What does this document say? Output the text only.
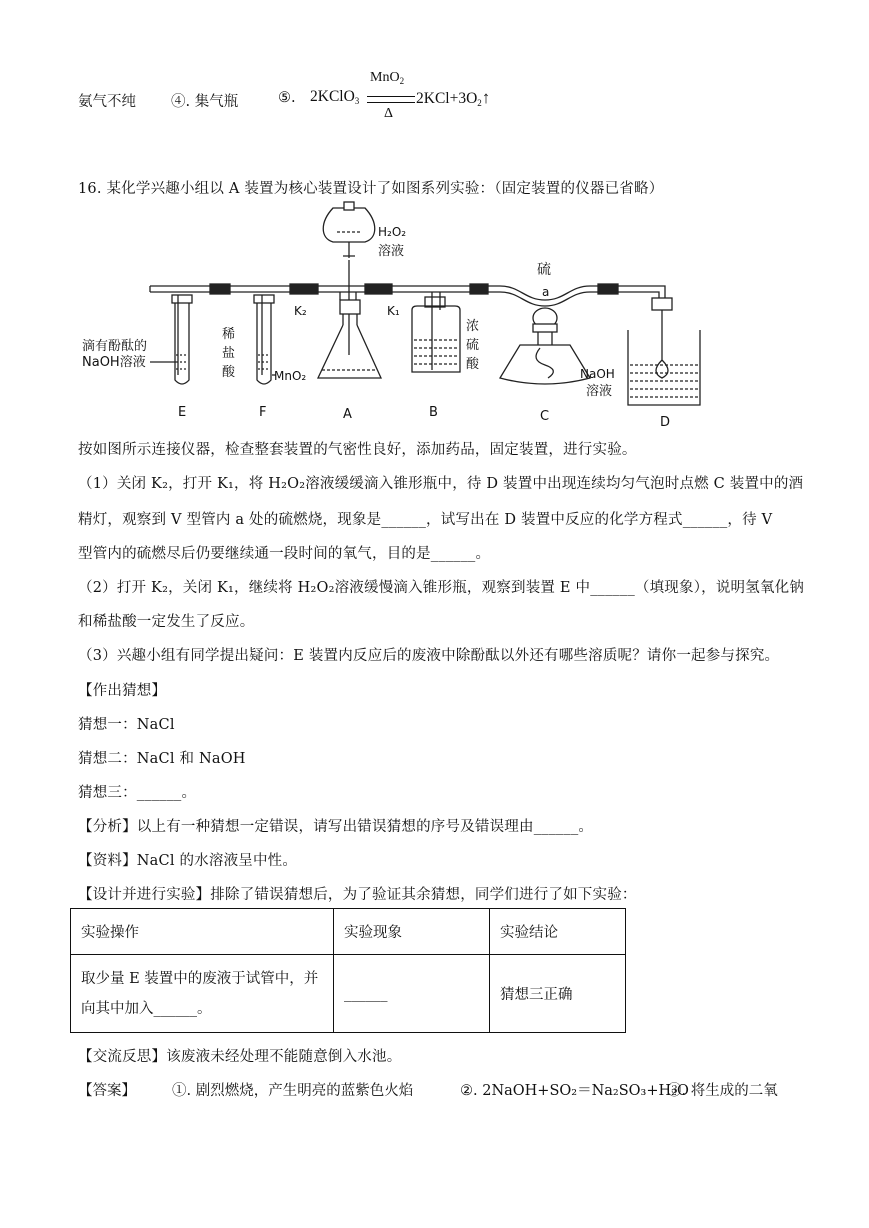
氨气不纯 ④. 集气瓶	⑤. 2KClO$_3$
MnO$_2$
Δ
$2KCl+3O_2↑$
16. 某化学兴趣小组以 A 装置为核心装置设计了如图系列实验：（固定装置的仪器已省略）
H₂O₂
溶液
硫
a
K₂	K₁
滴有酚酞的
NaOH溶液
稀
盐
酸	MnO₂
浓
硫
酸
NaOH
溶液
E	F	A	B	C	D
按如图所示连接仪器，检查整套装置的气密性良好，添加药品，固定装置，进行实验。
（1）关闭 K₂，打开 K₁，将 H₂O₂溶液缓缓滴入锥形瓶中，待 D 装置中出现连续均匀气泡时点燃 C 装置中的酒
精灯，观察到 V 型管内 a 处的硫燃烧，现象是______，试写出在 D 装置中反应的化学方程式______，待 V
型管内的硫燃尽后仍要继续通一段时间的氧气，目的是______。
（2）打开 K₂，关闭 K₁，继续将 H₂O₂溶液缓慢滴入锥形瓶，观察到装置 E 中______（填现象），说明氢氧化钠
和稀盐酸一定发生了反应。
（3）兴趣小组有同学提出疑问：E 装置内反应后的废液中除酚酞以外还有哪些溶质呢？请你一起参与探究。
【作出猜想】
猜想一：NaCl
猜想二：NaCl 和 NaOH
猜想三：______。
【分析】以上有一种猜想一定错误，请写出错误猜想的序号及错误理由______。
【资料】NaCl 的水溶液呈中性。
【设计并进行实验】排除了错误猜想后，为了验证其余猜想，同学们进行了如下实验：
实验操作	实验现象	实验结论

取少量 E 装置中的废液于试管中，并
向其中加入______。	______	猜想三正确
【交流反思】该废液未经处理不能随意倒入水池。
【答案】 ①. 剧烈燃烧，产生明亮的蓝紫色火焰	②. 2NaOH+SO₂＝Na₂SO₃+H₂O
③. 将生成的二氧
